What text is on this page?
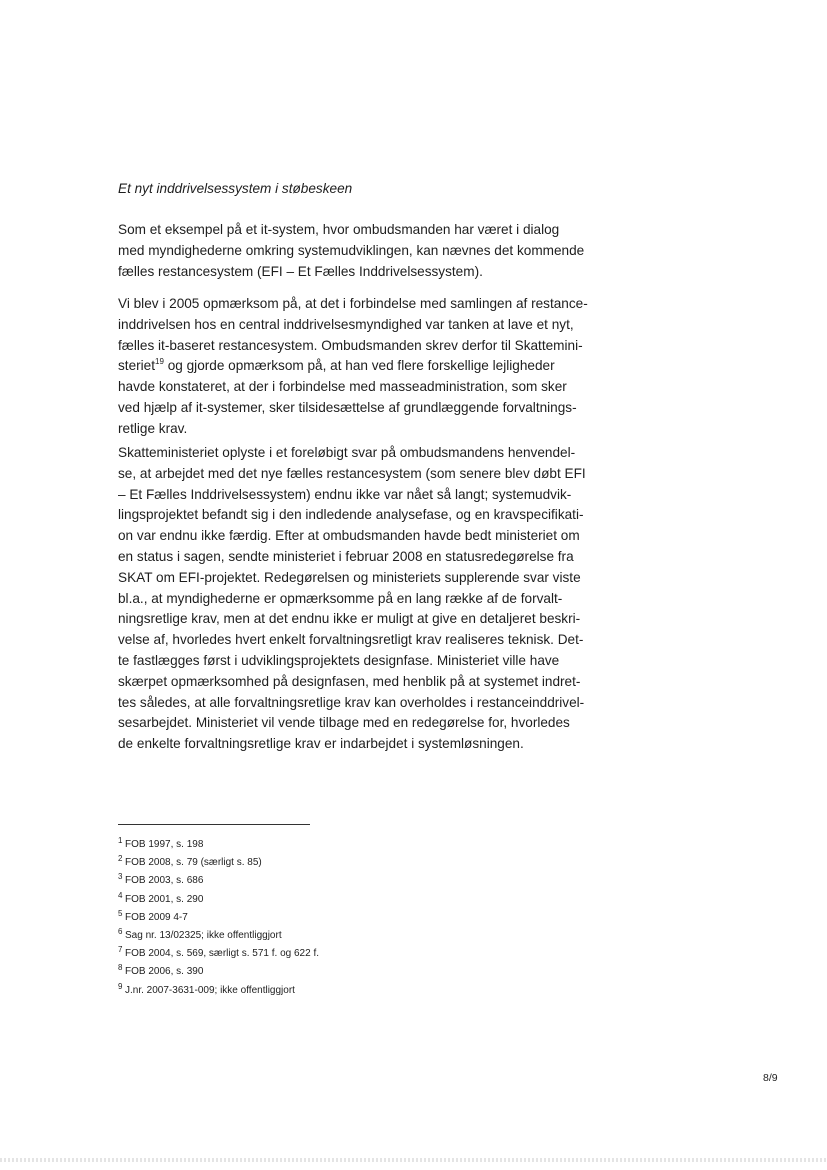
Et nyt inddrivelsessystem i støbeskeen

Som et eksempel på et it-system, hvor ombudsmanden har været i dialog
med myndighederne omkring systemudviklingen, kan nævnes det kommende
fælles restancesystem (EFI – Et Fælles Inddrivelsessystem).

Vi blev i 2005 opmærksom på, at det i forbindelse med samlingen af restance-
inddrivelsen hos en central inddrivelsesmyndighed var tanken at lave et nyt,
fælles it-baseret restancesystem. Ombudsmanden skrev derfor til Skattemini-
steriet$^{19}$ og gjorde opmærksom på, at han ved flere forskellige lejligheder
havde konstateret, at der i forbindelse med masseadministration, som sker
ved hjælp af it-systemer, sker tilsidesættelse af grundlæggende forvaltnings-
retlige krav.

Skatteministeriet oplyste i et foreløbigt svar på ombudsmandens henvendel-
se, at arbejdet med det nye fælles restancesystem (som senere blev døbt EFI
– Et Fælles Inddrivelsessystem) endnu ikke var nået så langt; systemudvik-
lingsprojektet befandt sig i den indledende analysefase, og en kravspecifikati-
on var endnu ikke færdig. Efter at ombudsmanden havde bedt ministeriet om
en status i sagen, sendte ministeriet i februar 2008 en statusredegørelse fra
SKAT om EFI-projektet. Redegørelsen og ministeriets supplerende svar viste
bl.a., at myndighederne er opmærksomme på en lang række af de forvalt-
ningsretlige krav, men at det endnu ikke er muligt at give en detaljeret beskri-
velse af, hvorledes hvert enkelt forvaltningsretligt krav realiseres teknisk. Det-
te fastlægges først i udviklingsprojektets designfase. Ministeriet ville have
skærpet opmærksomhed på designfasen, med henblik på at systemet indret-
tes således, at alle forvaltningsretlige krav kan overholdes i restanceinddrivel-
sesarbejdet. Ministeriet vil vende tilbage med en redegørelse for, hvorledes
de enkelte forvaltningsretlige krav er indarbejdet i systemløsningen.

1 FOB 1997, s. 198
2 FOB 2008, s. 79 (særligt s. 85)
3 FOB 2003, s. 686
4 FOB 2001, s. 290
5 FOB 2009 4-7
6 Sag nr. 13/02325; ikke offentliggjort
7 FOB 2004, s. 569, særligt s. 571 f. og 622 f.
8 FOB 2006, s. 390
9 J.nr. 2007-3631-009; ikke offentliggjort
8/9
